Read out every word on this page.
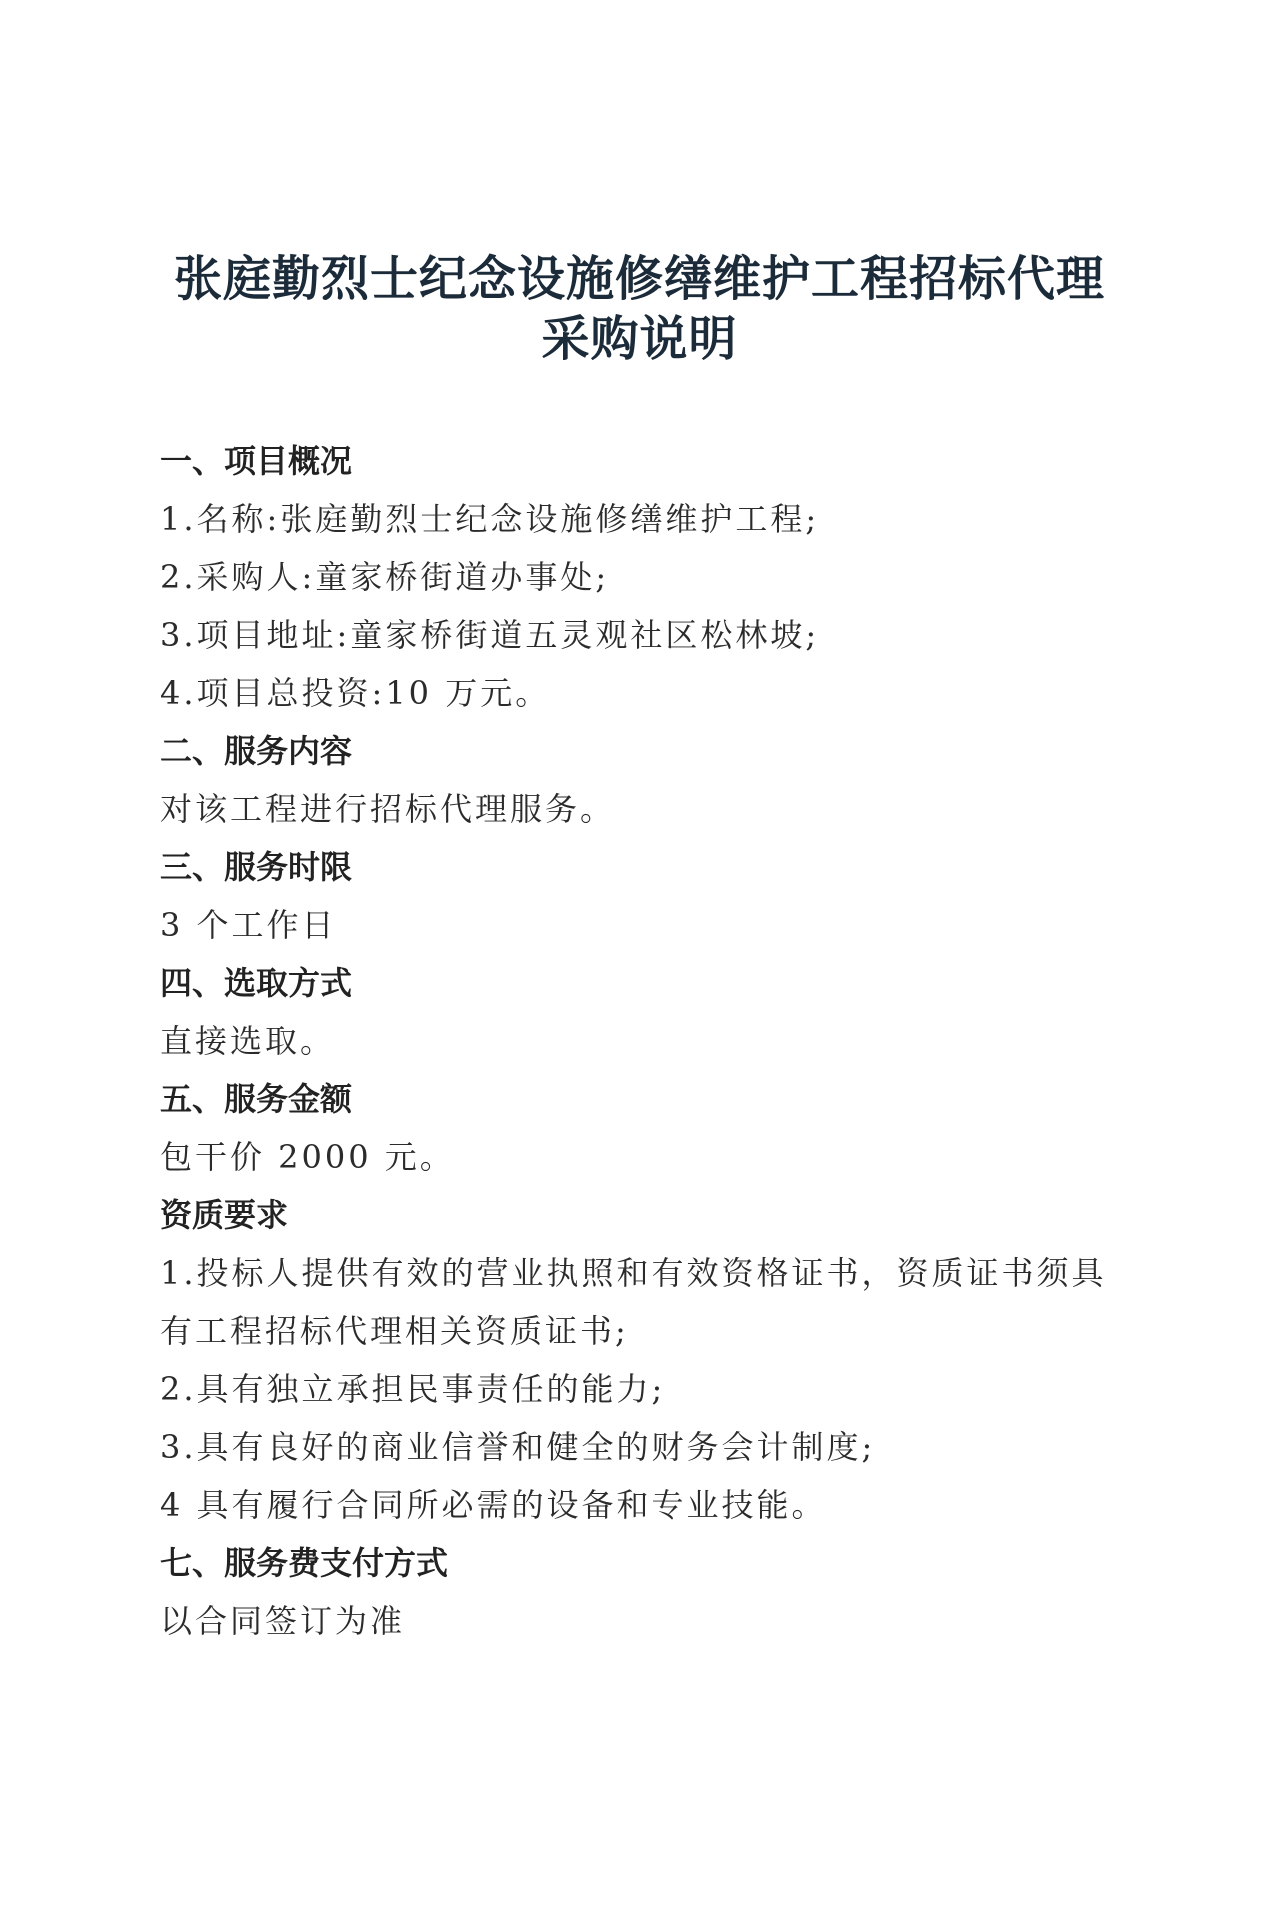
张庭勤烈士纪念设施修缮维护工程招标代理
采购说明
一、项目概况
1.名称:张庭勤烈士纪念设施修缮维护工程;
2.采购人:童家桥街道办事处;
3.项目地址:童家桥街道五灵观社区松林坡;
4.项目总投资:10 万元。
二、服务内容
对该工程进行招标代理服务。
三、服务时限
3 个工作日
四、选取方式
直接选取。
五、服务金额
包干价 2000 元。
资质要求
1.投标人提供有效的营业执照和有效资格证书，资质证书须具有工程招标代理相关资质证书;
2.具有独立承担民事责任的能力;
3.具有良好的商业信誉和健全的财务会计制度;
4 具有履行合同所必需的设备和专业技能。
七、服务费支付方式
以合同签订为准
